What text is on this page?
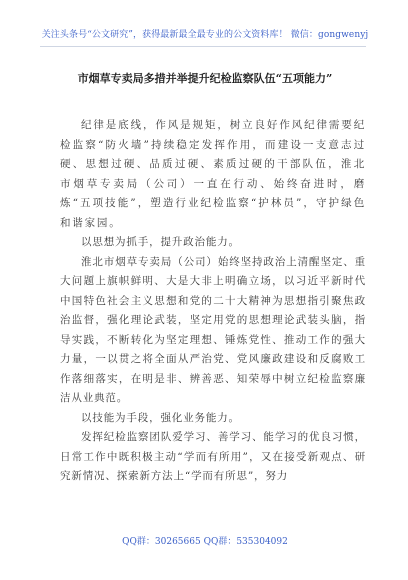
关注头条号“公文研究”，获得最新最全最专业的公文资料库！ 微信：gongwenyj
市烟草专卖局多措并举提升纪检监察队伍“五项能力”

纪律是底线，作风是规矩，树立良好作风纪律需要纪检监察“防火墙”持续稳定发挥作用，而建设一支意志过硬、思想过硬、品质过硬、素质过硬的干部队伍，淮北市烟草专卖局（公司）一直在行动、始终奋进时，磨炼“五项技能”，塑造行业纪检监察“护林员”，守护绿色和谐家园。

以思想为抓手，提升政治能力。

淮北市烟草专卖局（公司）始终坚持政治上清醒坚定、重大问题上旗帜鲜明、大是大非上明确立场，以习近平新时代中国特色社会主义思想和党的二十大精神为思想指引聚焦政治监督，强化理论武装，坚定用党的思想理论武装头脑，指导实践，不断转化为坚定理想、锤炼党性、推动工作的强大力量，一以贯之将全面从严治党、党风廉政建设和反腐败工作落细落实，在明是非、辨善恶、知荣辱中树立纪检监察廉洁从业典范。

以技能为手段，强化业务能力。

发挥纪检监察团队爱学习、善学习、能学习的优良习惯，日常工作中既积极主动“学而有所用”，又在接受新观点、研究新情况、探索新方法上“学而有所思”，努力

QQ群：30265665 QQ群：535304092
